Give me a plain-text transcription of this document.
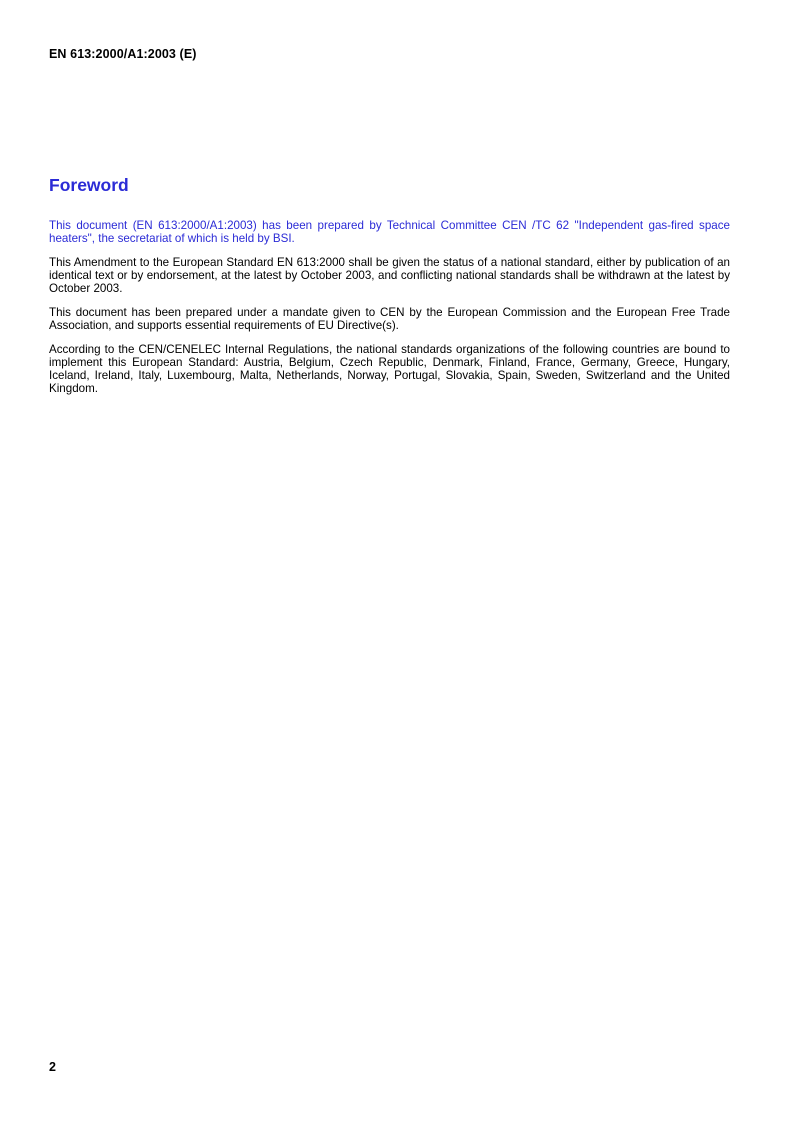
EN 613:2000/A1:2003 (E)
Foreword

This document (EN 613:2000/A1:2003) has been prepared by Technical Committee CEN /TC 62 "Independent gas-fired space heaters", the secretariat of which is held by BSI.

This Amendment to the European Standard EN 613:2000 shall be given the status of a national standard, either by publication of an identical text or by endorsement, at the latest by October 2003, and conflicting national standards shall be withdrawn at the latest by October 2003.

This document has been prepared under a mandate given to CEN by the European Commission and the European Free Trade Association, and supports essential requirements of EU Directive(s).

According to the CEN/CENELEC Internal Regulations, the national standards organizations of the following countries are bound to implement this European Standard: Austria, Belgium, Czech Republic, Denmark, Finland, France, Germany, Greece, Hungary, Iceland, Ireland, Italy, Luxembourg, Malta, Netherlands, Norway, Portugal, Slovakia, Spain, Sweden, Switzerland and the United Kingdom.

2
